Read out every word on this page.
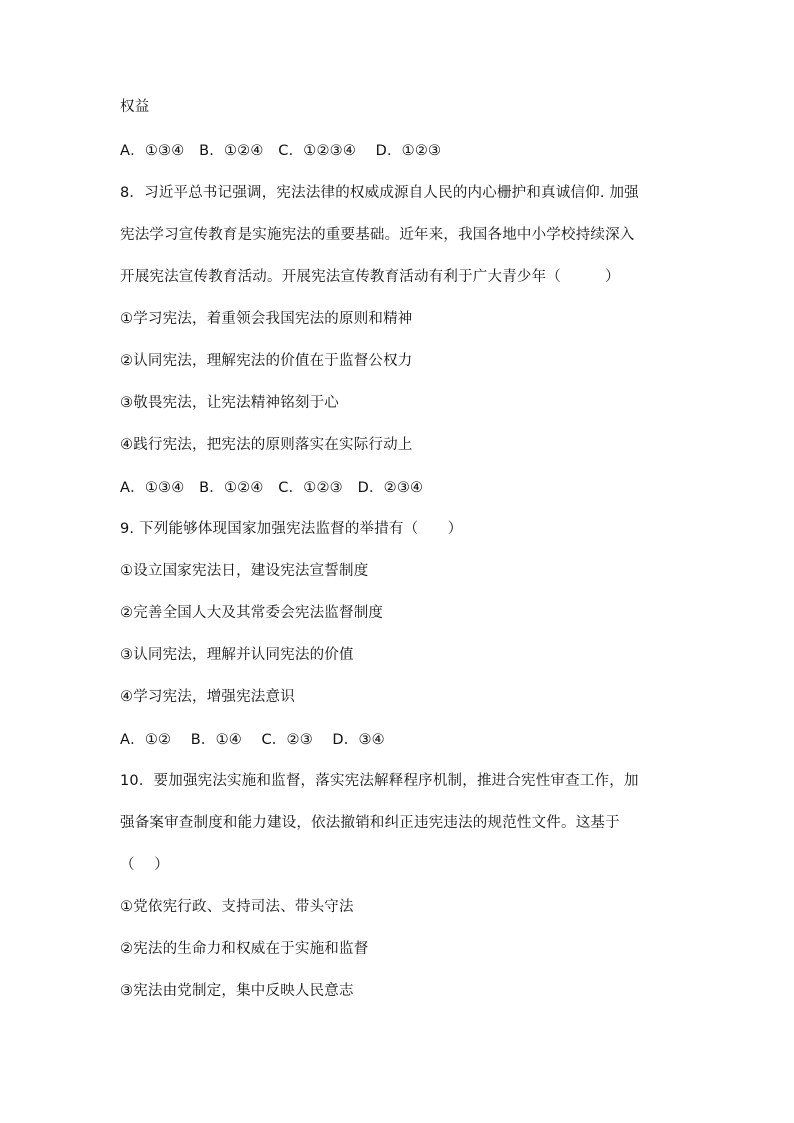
权益
A．①③④　B．①②④　C．①②③④　 D．①②③
8．习近平总书记强调，宪法法律的权威成源自人民的内心栅护和真诚信仰. 加强
宪法学习宣传教育是实施宪法的重要基础。近年来，我国各地中小学校持续深入
开展宪法宣传教育活动。开展宪法宣传教育活动有利于广大青少年（　　　）
①学习宪法，着重领会我国宪法的原则和精神
②认同宪法，理解宪法的价值在于监督公权力
③敬畏宪法，让宪法精神铭刻于心
④践行宪法，把宪法的原则落实在实际行动上
A．①③④　B．①②④　C．①②③　D．②③④
9. 下列能够体现国家加强宪法监督的举措有（　　）
①设立国家宪法日，建设宪法宣誓制度
②完善全国人大及其常委会宪法监督制度
③认同宪法，理解并认同宪法的价值
④学习宪法，增强宪法意识
A．①②　 B．①④　 C．②③　 D．③④
10．要加强宪法实施和监督，落实宪法解释程序机制，推进合宪性审查工作，加
强备案审查制度和能力建设，依法撤销和纠正违宪违法的规范性文件。这基于
（　 ）
①党依宪行政、支持司法、带头守法
②宪法的生命力和权威在于实施和监督
③宪法由党制定，集中反映人民意志
